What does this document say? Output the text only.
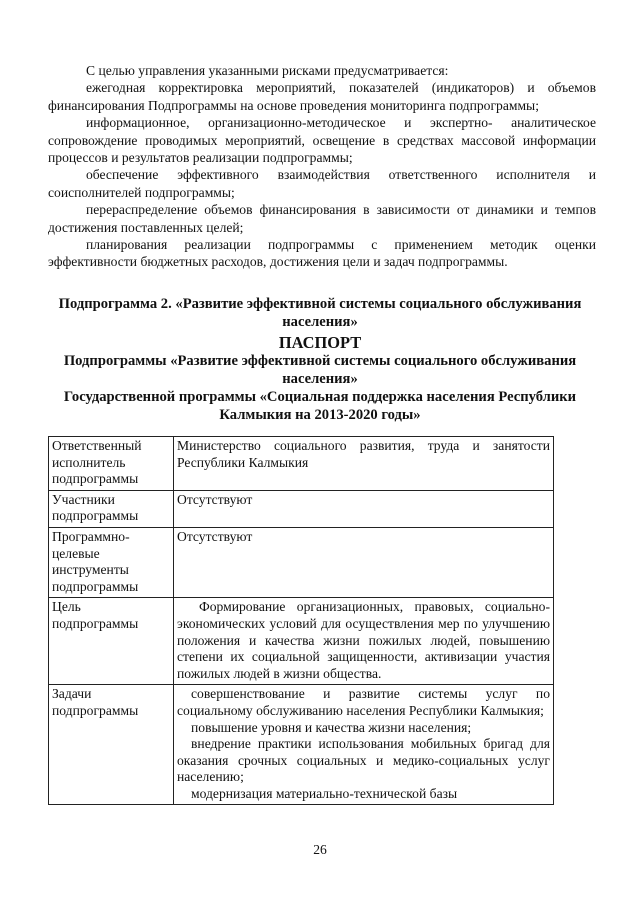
С целью управления указанными рисками предусматривается:

ежегодная корректировка мероприятий, показателей (индикаторов) и объемов финансирования Подпрограммы на основе проведения мониторинга подпрограммы;

информационное, организационно-методическое и экспертно- аналитическое сопровождение проводимых мероприятий, освещение в средствах массовой информации процессов и результатов реализации подпрограммы;

обеспечение эффективного взаимодействия ответственного исполнителя и соисполнителей подпрограммы;

перераспределение объемов финансирования в зависимости от динамики и темпов достижения поставленных целей;

планирования реализации подпрограммы с применением методик оценки эффективности бюджетных расходов, достижения цели и задач подпрограммы.

Подпрограмма 2. «Развитие эффективной системы социального обслуживания населения»

ПАСПОРТ

Подпрограммы «Развитие эффективной системы социального обслуживания населения»

Государственной программы «Социальная поддержка населения Республики Калмыкия на 2013-2020 годы»

Ответственный исполнитель подпрограммы	Министерство социального развития, труда и занятости Республики Калмыкия

Участники подпрограммы	Отсутствуют

Программно-целевые инструменты подпрограммы	Отсутствуют

Цель подпрограммы	Формирование организационных, правовых, социально-экономических условий для осуществления мер по улучшению положения и качества жизни пожилых людей, повышению степени их социальной защищенности, активизации участия пожилых людей в жизни общества.

Задачи подпрограммы	совершенствование и развитие системы услуг по социальному обслуживанию населения Республики Калмыкия;
повышение уровня и качества жизни населения;
внедрение практики использования мобильных бригад для оказания срочных социальных и медико-социальных услуг населению;
модернизация материально-технической базы
26
